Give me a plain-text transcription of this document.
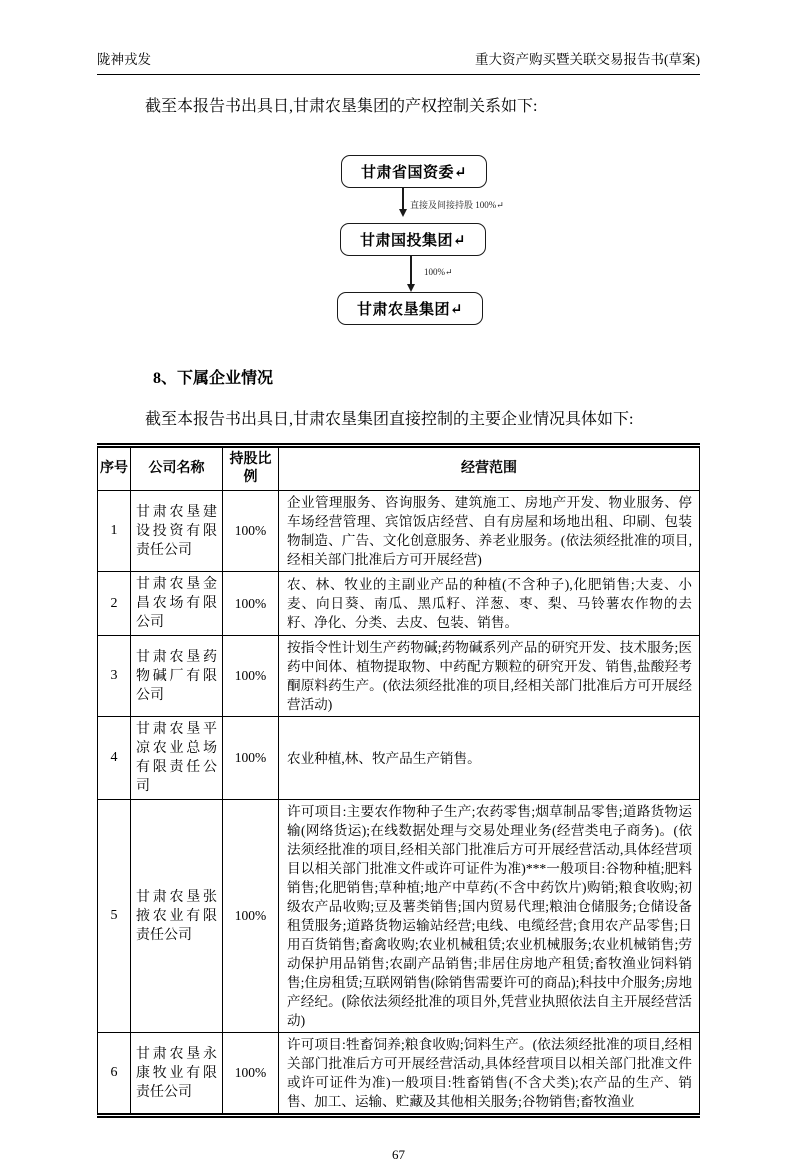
陇神戎发	重大资产购买暨关联交易报告书(草案)

截至本报告书出具日,甘肃农垦集团的产权控制关系如下:

甘肃省国资委↵
直接及间接持股 100%↵
甘肃国投集团↵
100%↵
甘肃农垦集团↵
8、下属企业情况

截至本报告书出具日,甘肃农垦集团直接控制的主要企业情况具体如下:

序号	公司名称	持股比例	经营范围
1	甘肃农垦建设投资有限责任公司	100%	企业管理服务、咨询服务、建筑施工、房地产开发、物业服务、停车场经营管理、宾馆饭店经营、自有房屋和场地出租、印刷、包装物制造、广告、文化创意服务、养老业服务。(依法须经批准的项目,经相关部门批准后方可开展经营)
2	甘肃农垦金昌农场有限公司	100%	农、林、牧业的主副业产品的种植(不含种子),化肥销售;大麦、小麦、向日葵、南瓜、黑瓜籽、洋葱、枣、梨、马铃薯农作物的去籽、净化、分类、去皮、包装、销售。
3	甘肃农垦药物碱厂有限公司	100%	按指令性计划生产药物碱;药物碱系列产品的研究开发、技术服务;医药中间体、植物提取物、中药配方颗粒的研究开发、销售,盐酸羟考酮原料药生产。(依法须经批准的项目,经相关部门批准后方可开展经营活动)
4	甘肃农垦平凉农业总场有限责任公司	100%	农业种植,林、牧产品生产销售。
5	甘肃农垦张掖农业有限责任公司	100%	许可项目:主要农作物种子生产;农药零售;烟草制品零售;道路货物运输(网络货运);在线数据处理与交易处理业务(经营类电子商务)。(依法须经批准的项目,经相关部门批准后方可开展经营活动,具体经营项目以相关部门批准文件或许可证件为准)***一般项目:谷物种植;肥料销售;化肥销售;草种植;地产中草药(不含中药饮片)购销;粮食收购;初级农产品收购;豆及薯类销售;国内贸易代理;粮油仓储服务;仓储设备租赁服务;道路货物运输站经营;电线、电缆经营;食用农产品零售;日用百货销售;畜禽收购;农业机械租赁;农业机械服务;农业机械销售;劳动保护用品销售;农副产品销售;非居住房地产租赁;畜牧渔业饲料销售;住房租赁;互联网销售(除销售需要许可的商品);科技中介服务;房地产经纪。(除依法须经批准的项目外,凭营业执照依法自主开展经营活动)
6	甘肃农垦永康牧业有限责任公司	100%	许可项目:牲畜饲养;粮食收购;饲料生产。(依法须经批准的项目,经相关部门批准后方可开展经营活动,具体经营项目以相关部门批准文件或许可证件为准)一般项目:牲畜销售(不含犬类);农产品的生产、销售、加工、运输、贮藏及其他相关服务;谷物销售;畜牧渔业
67
